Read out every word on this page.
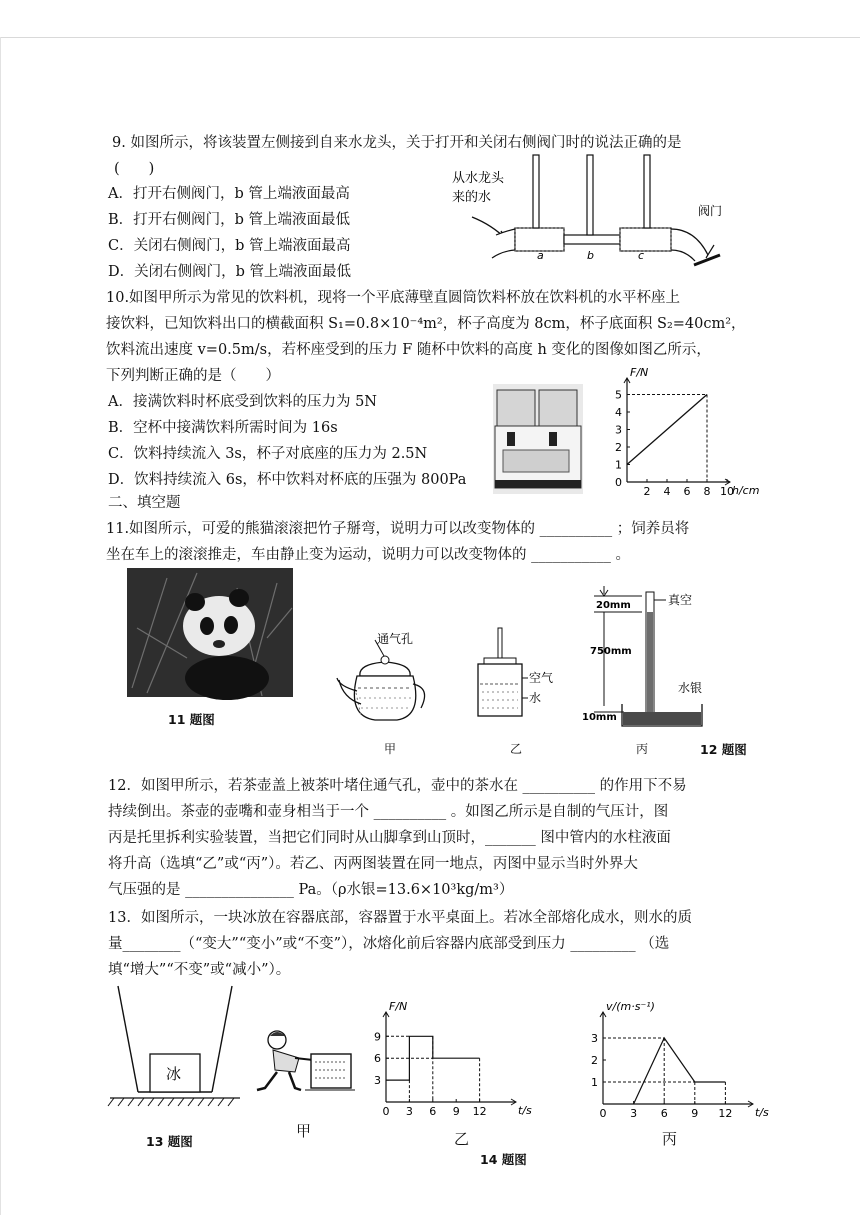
9. 如图所示，将该装置左侧接到自来水龙头，关于打开和关闭右侧阀门时的说法正确的是
(　　)
A．打开右侧阀门，b 管上端液面最高
B．打开右侧阀门，b 管上端液面最低
C．关闭右侧阀门，b 管上端液面最高
D．关闭右侧阀门，b 管上端液面最低
从水龙头
来的水
a	b	c
阀门
10.如图甲所示为常见的饮料机，现将一个平底薄壁直圆筒饮料杯放在饮料机的水平杯座上
接饮料，已知饮料出口的横截面积 S₁=0.8×10⁻⁴m²，杯子高度为 8cm，杯子底面积 S₂=40cm²，
饮料流出速度 v=0.5m/s，若杯座受到的压力 F 随杯中饮料的高度 h 变化的图像如图乙所示，
下列判断正确的是（　　）
A．接满饮料时杯底受到饮料的压力为 5N
B．空杯中接满饮料所需时间为 16s
C．饮料持续流入 3s，杯子对底座的压力为 2.5N
D．饮料持续流入 6s，杯中饮料对杯底的压强为 800Pa
F/N
h/cm
2 4 6 8 10
0
1
2
3
4
5
二、填空题
11.如图所示，可爱的熊猫滚滚把竹子掰弯，说明力可以改变物体的 __________ ；饲养员将
坐在车上的滚滚推走，车由静止变为运动，说明力可以改变物体的 ___________ 。
11 题图
通气孔
甲
空气
水
乙
20mm
750mm
10mm
真空
水银
丙	12 题图
12．如图甲所示，若茶壶盖上被茶叶堵住通气孔，壶中的茶水在 __________ 的作用下不易
持续倒出。茶壶的壶嘴和壶身相当于一个 __________ 。如图乙所示是自制的气压计，图
丙是托里拆利实验装置，当把它们同时从山脚拿到山顶时，_______ 图中管内的水柱液面
将升高（选填“乙”或“丙”）。若乙、丙两图装置在同一地点，丙图中显示当时外界大
气压强的是 _______________ Pa。（ρ水银=13.6×10³kg/m³）
13．如图所示，一块冰放在容器底部，容器置于水平桌面上。若冰全部熔化成水，则水的质
量________（“变大”“变小”或“不变”），冰熔化前后容器内底部受到压力 _________ （选
填“增大”“不变”或“减小”）。
冰
13 题图
甲
F/N
t/s
0 3 6 9 12
3
6
9
乙
14 题图
v/(m·s⁻¹)
t/s
0 3 6 9 12
1
2
3
丙
